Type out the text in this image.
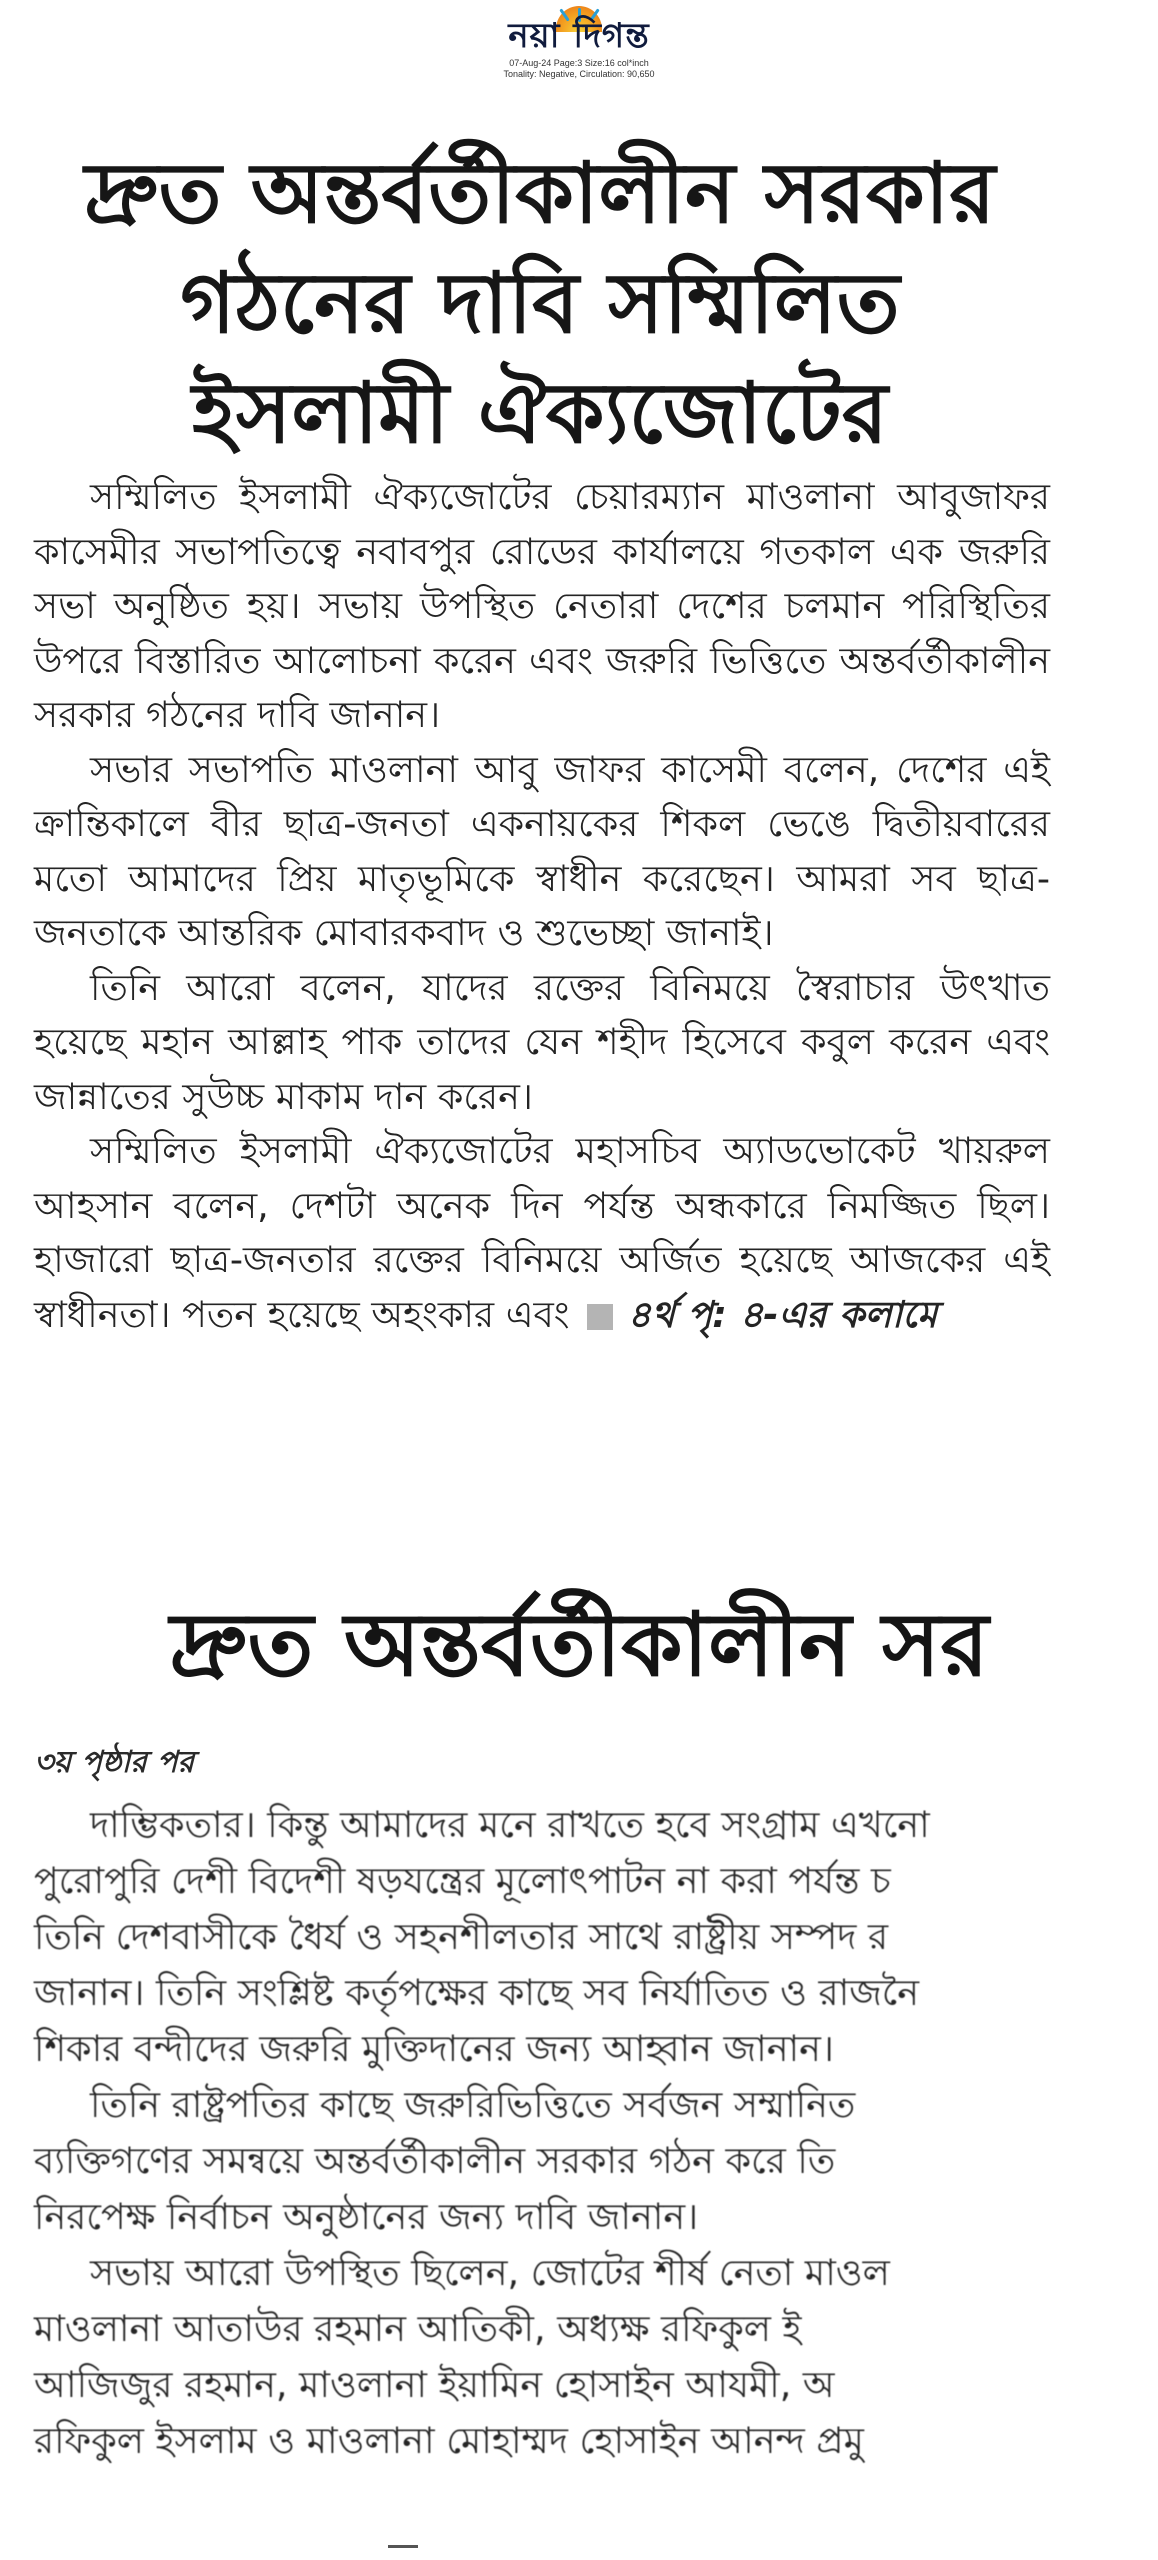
নয়া দিগন্ত
07-Aug-24 Page:3 Size:16 col*inch
Tonality: Negative, Circulation: 90,650
দ্রুত অন্তর্বর্তীকালীন সরকার
গঠনের দাবি সম্মিলিত
ইসলামী ঐক্যজোটের

সম্মিলিত ইসলামী ঐক্যজোটের চেয়ারম্যান মাওলানা আবুজাফর কাসেমীর সভাপতিত্বে নবাবপুর রোডের কার্যালয়ে গতকাল এক জরুরি সভা অনুষ্ঠিত হয়। সভায় উপস্থিত নেতারা দেশের চলমান পরিস্থিতির উপরে বিস্তারিত আলোচনা করেন এবং জরুরি ভিত্তিতে অন্তর্বর্তীকালীন সরকার গঠনের দাবি জানান।

সভার সভাপতি মাওলানা আবু জাফর কাসেমী বলেন, দেশের এই ক্রান্তিকালে বীর ছাত্র-জনতা একনায়কের শিকল ভেঙে দ্বিতীয়বারের মতো আমাদের প্রিয় মাতৃভূমিকে স্বাধীন করেছেন। আমরা সব ছাত্র-জনতাকে আন্তরিক মোবারকবাদ ও শুভেচ্ছা জানাই।

তিনি আরো বলেন, যাদের রক্তের বিনিময়ে স্বৈরাচার উৎখাত হয়েছে মহান আল্লাহ পাক তাদের যেন শহীদ হিসেবে কবুল করেন এবং জান্নাতের সুউচ্চ মাকাম দান করেন।

সম্মিলিত ইসলামী ঐক্যজোটের মহাসচিব অ্যাডভোকেট খায়রুল আহসান বলেন, দেশটা অনেক দিন পর্যন্ত অন্ধকারে নিমজ্জিত ছিল। হাজারো ছাত্র-জনতার রক্তের বিনিময়ে অর্জিত হয়েছে আজকের এই স্বাধীনতা। পতন হয়েছে অহংকার এবং ৪র্থ পৃ: ৪-এর কলামে

দ্রুত অন্তর্বর্তীকালীন সর
৩য় পৃষ্ঠার পর
দাম্ভিকতার। কিন্তু আমাদের মনে রাখতে হবে সংগ্রাম এখনো
পুরোপুরি দেশী বিদেশী ষড়যন্ত্রের মূলোৎপাটন না করা পর্যন্ত চ
তিনি দেশবাসীকে ধৈর্য ও সহনশীলতার সাথে রাষ্ট্রীয় সম্পদ র
জানান। তিনি সংশ্লিষ্ট কর্তৃপক্ষের কাছে সব নির্যাতিত ও রাজনৈ
শিকার বন্দীদের জরুরি মুক্তিদানের জন্য আহ্বান জানান।
তিনি রাষ্ট্রপতির কাছে জরুরিভিত্তিতে সর্বজন সম্মানিত
ব্যক্তিগণের সমন্বয়ে অন্তর্বর্তীকালীন সরকার গঠন করে তি
নিরপেক্ষ নির্বাচন অনুষ্ঠানের জন্য দাবি জানান।
সভায় আরো উপস্থিত ছিলেন, জোটের শীর্ষ নেতা মাওল
মাওলানা আতাউর রহমান আতিকী, অধ্যক্ষ রফিকুল ই
আজিজুর রহমান, মাওলানা ইয়ামিন হোসাইন আযমী, অ
রফিকুল ইসলাম ও মাওলানা মোহাম্মদ হোসাইন আনন্দ প্রমু
